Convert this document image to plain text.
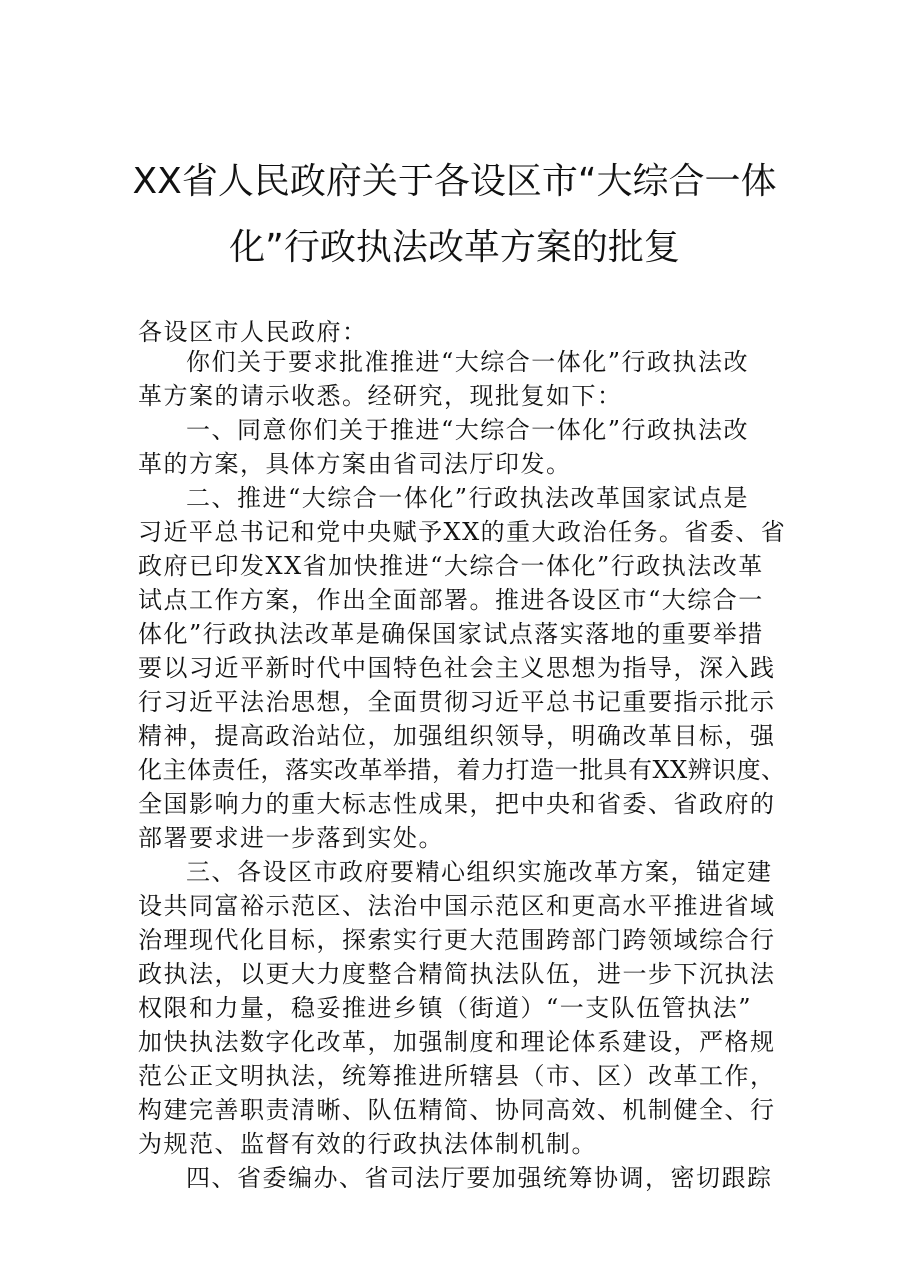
XX省人民政府关于各设区市“大综合一体
化”行政执法改革方案的批复
各设区市人民政府：
你们关于要求批准推进“大综合一体化”行政执法改
革方案的请示收悉。经研究，现批复如下：
一、同意你们关于推进“大综合一体化”行政执法改
革的方案，具体方案由省司法厅印发。
二、推进“大综合一体化”行政执法改革国家试点是
习近平总书记和党中央赋予XX的重大政治任务。省委、省
政府已印发XX省加快推进“大综合一体化”行政执法改革
试点工作方案，作出全面部署。推进各设区市“大综合一
体化”行政执法改革是确保国家试点落实落地的重要举措
要以习近平新时代中国特色社会主义思想为指导，深入践
行习近平法治思想，全面贯彻习近平总书记重要指示批示
精神，提高政治站位，加强组织领导，明确改革目标，强
化主体责任，落实改革举措，着力打造一批具有XX辨识度、
全国影响力的重大标志性成果，把中央和省委、省政府的
部署要求进一步落到实处。
三、各设区市政府要精心组织实施改革方案，锚定建
设共同富裕示范区、法治中国示范区和更高水平推进省域
治理现代化目标，探索实行更大范围跨部门跨领域综合行
政执法，以更大力度整合精简执法队伍，进一步下沉执法
权限和力量，稳妥推进乡镇（街道）“一支队伍管执法”
加快执法数字化改革，加强制度和理论体系建设，严格规
范公正文明执法，统筹推进所辖县（市、区）改革工作，
构建完善职责清晰、队伍精简、协同高效、机制健全、行
为规范、监督有效的行政执法体制机制。
四、省委编办、省司法厅要加强统筹协调，密切跟踪
